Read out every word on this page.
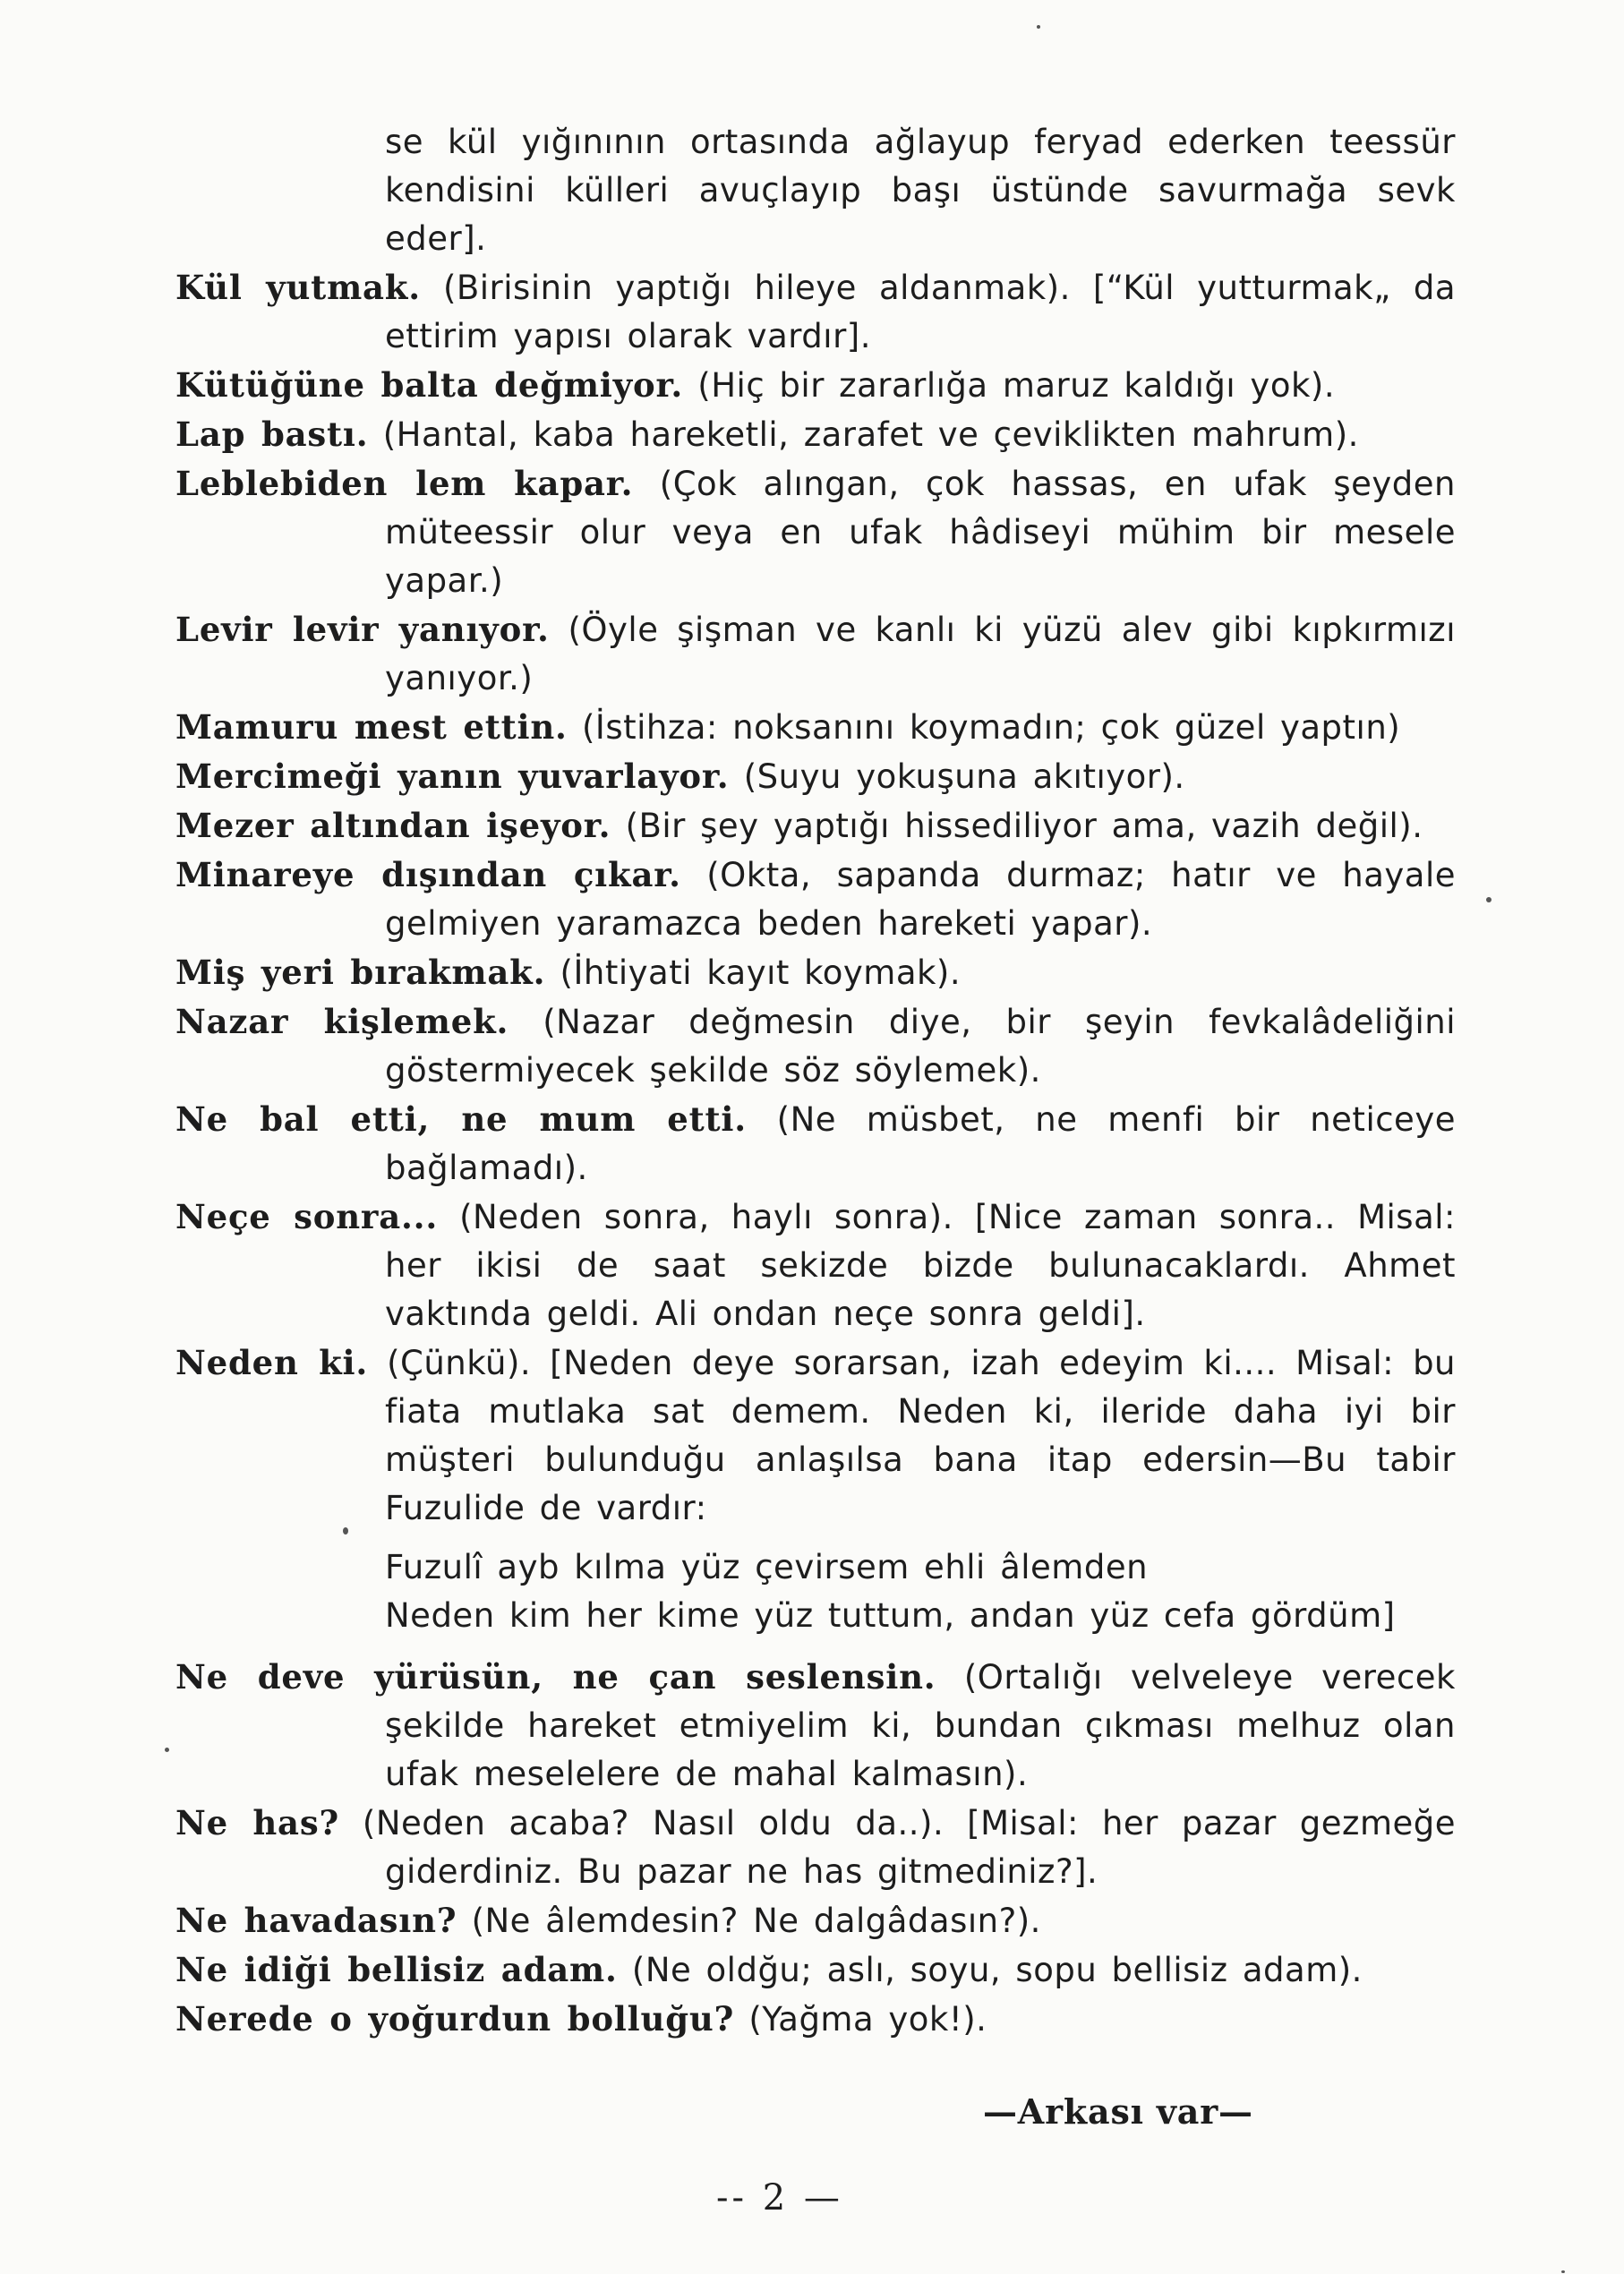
se kül yığınının ortasında ağlayup feryad ederken teessür kendisini külleri avuçlayıp başı üstünde savurmağa sevk eder].
Kül yutmak. (Birisinin yaptığı hileye aldanmak). [“Kül yutturmak„ da ettirim yapısı olarak vardır].
Kütüğüne balta değmiyor. (Hiç bir zararlığa maruz kaldığı yok).
Lap bastı. (Hantal, kaba hareketli, zarafet ve çeviklikten mahrum).
Leblebiden lem kapar. (Çok alıngan, çok hassas, en ufak şeyden müteessir olur veya en ufak hâdiseyi mühim bir mesele yapar.)
Levir levir yanıyor. (Öyle şişman ve kanlı ki yüzü alev gibi kıpkırmızı yanıyor.)
Mamuru mest ettin. (İstihza: noksanını koymadın; çok güzel yaptın)
Mercimeği yanın yuvarlayor. (Suyu yokuşuna akıtıyor).
Mezer altından işeyor. (Bir şey yaptığı hissediliyor ama, vazih değil).
Minareye dışından çıkar. (Okta, sapanda durmaz; hatır ve hayale gelmiyen yaramazca beden hareketi yapar).
Miş yeri bırakmak. (İhtiyati kayıt koymak).
Nazar kişlemek. (Nazar değmesin diye, bir şeyin fevkalâdeliğini göstermiyecek şekilde söz söylemek).
Ne bal etti, ne mum etti. (Ne müsbet, ne menfi bir neticeye bağlamadı).
Neçe sonra... (Neden sonra, haylı sonra). [Nice zaman sonra.. Misal: her ikisi de saat sekizde bizde bulunacaklardı. Ahmet vaktında geldi. Ali ondan neçe sonra geldi].
Neden ki. (Çünkü). [Neden deye sorarsan, izah edeyim ki.... Misal: bu fiata mutlaka sat demem. Neden ki, ileride daha iyi bir müşteri bulunduğu anlaşılsa bana itap edersin—Bu tabir Fuzulide de vardır:
Fuzulî ayb kılma yüz çevirsem ehli âlemden
Neden kim her kime yüz tuttum, andan yüz cefa gördüm]
Ne deve yürüsün, ne çan seslensin. (Ortalığı velveleye verecek şekilde hareket etmiyelim ki, bundan çıkması melhuz olan ufak meselelere de mahal kalmasın).
Ne has? (Neden acaba? Nasıl oldu da..). [Misal: her pazar gezmeğe giderdiniz. Bu pazar ne has gitmediniz?].
Ne havadasın? (Ne âlemdesin? Ne dalgâdasın?).
Ne idiği bellisiz adam. (Ne oldğu; aslı, soyu, sopu bellisiz adam).
Nerede o yoğurdun bolluğu? (Yağma yok!).
—Arkası var—
-- 2 —
